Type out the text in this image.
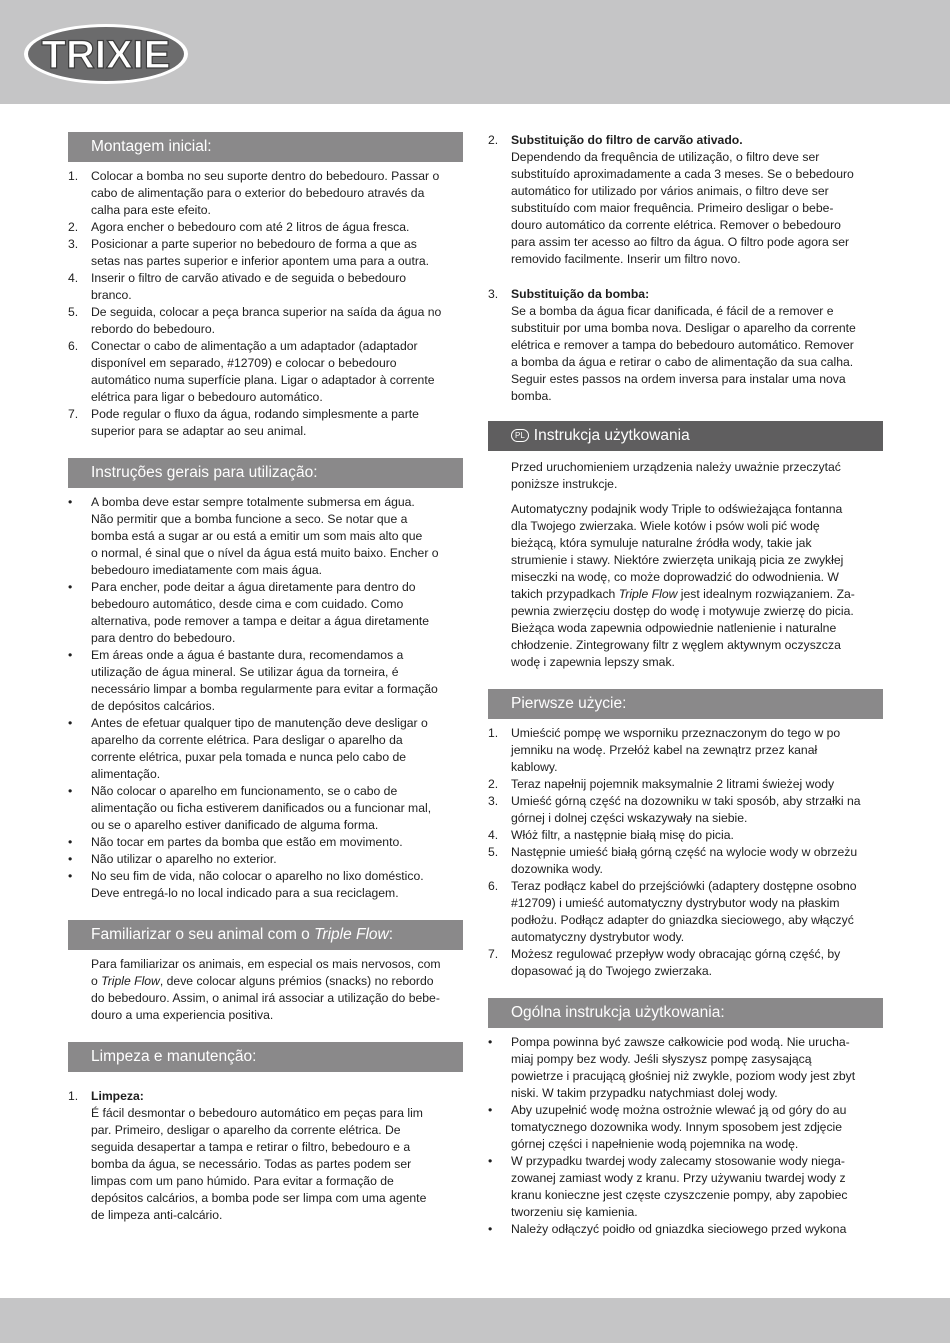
TRIXIE
Montagem inicial:
1. Colocar a bomba no seu suporte dentro do bebedouro. Passar o
cabo de alimentação para o exterior do bebedouro através da
calha para este efeito.
2. Agora encher o bebedouro com até 2 litros de água fresca.
3. Posicionar a parte superior no bebedouro de forma a que as
setas nas partes superior e inferior apontem uma para a outra.
4. Inserir o filtro de carvão ativado e de seguida o bebedouro
branco.
5. De seguida, colocar a peça branca superior na saída da água no
rebordo do bebedouro.
6. Conectar o cabo de alimentação a um adaptador (adaptador
disponível em separado, #12709) e colocar o bebedouro
automático numa superfície plana. Ligar o adaptador à corrente
elétrica para ligar o bebedouro automático.
7. Pode regular o fluxo da água, rodando simplesmente a parte
superior para se adaptar ao seu animal.
Instruções gerais para utilização:
• A bomba deve estar sempre totalmente submersa em água.
Não permitir que a bomba funcione a seco. Se notar que a
bomba está a sugar ar ou está a emitir um som mais alto que
o normal, é sinal que o nível da água está muito baixo. Encher o
bebedouro imediatamente com mais água.
• Para encher, pode deitar a água diretamente para dentro do
bebedouro automático, desde cima e com cuidado. Como
alternativa, pode remover a tampa e deitar a água diretamente
para dentro do bebedouro.
• Em áreas onde a água é bastante dura, recomendamos a
utilização de água mineral. Se utilizar água da torneira, é
necessário limpar a bomba regularmente para evitar a formação
de depósitos calcários.
• Antes de efetuar qualquer tipo de manutenção deve desligar o
aparelho da corrente elétrica. Para desligar o aparelho da
corrente elétrica, puxar pela tomada e nunca pelo cabo de
alimentação.
• Não colocar o aparelho em funcionamento, se o cabo de
alimentação ou ficha estiverem danificados ou a funcionar mal,
ou se o aparelho estiver danificado de alguma forma.
• Não tocar em partes da bomba que estão em movimento.
• Não utilizar o aparelho no exterior.
• No seu fim de vida, não colocar o aparelho no lixo doméstico.
Deve entregá-lo no local indicado para a sua reciclagem.
Familiarizar o seu animal com o Triple Flow:
Para familiarizar os animais, em especial os mais nervosos, com
o Triple Flow, deve colocar alguns prémios (snacks) no rebordo
do bebedouro. Assim, o animal irá associar a utilização do bebe-
douro a uma experiencia positiva.
Limpeza e manutenção:
1. Limpeza:
É fácil desmontar o bebedouro automático em peças para lim
par. Primeiro, desligar o aparelho da corrente elétrica. De
seguida desapertar a tampa e retirar o filtro, bebedouro e a
bomba da água, se necessário. Todas as partes podem ser
limpas com um pano húmido. Para evitar a formação de
depósitos calcários, a bomba pode ser limpa com uma agente
de limpeza anti-calcário.
2. Substituição do filtro de carvão ativado.
Dependendo da frequência de utilização, o filtro deve ser
substituído aproximadamente a cada 3 meses. Se o bebedouro
automático for utilizado por vários animais, o filtro deve ser
substituído com maior frequência. Primeiro desligar o bebe-
douro automático da corrente elétrica. Remover o bebedouro
para assim ter acesso ao filtro da água. O filtro pode agora ser
removido facilmente. Inserir um filtro novo.
3. Substituição da bomba:
Se a bomba da água ficar danificada, é fácil de a remover e
substituir por uma bomba nova. Desligar o aparelho da corrente
elétrica e remover a tampa do bebedouro automático. Remover
a bomba da água e retirar o cabo de alimentação da sua calha.
Seguir estes passos na ordem inversa para instalar uma nova
bomba.
PL Instrukcja użytkowania
Przed uruchomieniem urządzenia należy uważnie przeczytać
poniższe instrukcje.
Automatyczny podajnik wody Triple to odświeżająca fontanna
dla Twojego zwierzaka. Wiele kotów i psów woli pić wodę
bieżącą, która symuluje naturalne źródła wody, takie jak
strumienie i stawy. Niektóre zwierzęta unikają picia ze zwykłej
miseczki na wodę, co może doprowadzić do odwodnienia. W
takich przypadkach Triple Flow jest idealnym rozwiązaniem. Za-
pewnia zwierzęciu dostęp do wodę i motywuje zwierzę do picia.
Bieżąca woda zapewnia odpowiednie natlenienie i naturalne
chłodzenie. Zintegrowany filtr z węglem aktywnym oczyszcza
wodę i zapewnia lepszy smak.
Pierwsze użycie:
1. Umieścić pompę we wsporniku przeznaczonym do tego w po
jemniku na wodę. Przełóż kabel na zewnątrz przez kanał
kablowy.
2. Teraz napełnij pojemnik maksymalnie 2 litrami świeżej wody
3. Umieść górną część na dozowniku w taki sposób, aby strzałki na
górnej i dolnej części wskazywały na siebie.
4. Włóż filtr, a następnie białą misę do picia.
5. Następnie umieść białą górną część na wylocie wody w obrzeżu
dozownika wody.
6. Teraz podłącz kabel do przejściówki (adaptery dostępne osobno
#12709) i umieść automatyczny dystrybutor wody na płaskim
podłożu. Podłącz adapter do gniazdka sieciowego, aby włączyć
automatyczny dystrybutor wody.
7. Możesz regulować przepływ wody obracając górną część, by
dopasować ją do Twojego zwierzaka.
Ogólna instrukcja użytkowania:
• Pompa powinna być zawsze całkowicie pod wodą. Nie urucha-
miaj pompy bez wody. Jeśli słyszysz pompę zasysającą
powietrze i pracującą głośniej niż zwykle, poziom wody jest zbyt
niski. W takim przypadku natychmiast dolej wody.
• Aby uzupełnić wodę można ostrożnie wlewać ją od góry do au
tomatycznego dozownika wody. Innym sposobem jest zdjęcie
górnej części i napełnienie wodą pojemnika na wodę.
• W przypadku twardej wody zalecamy stosowanie wody niega-
zowanej zamiast wody z kranu. Przy używaniu twardej wody z
kranu konieczne jest częste czyszczenie pompy, aby zapobiec
tworzeniu się kamienia.
• Należy odłączyć poidło od gniazdka sieciowego przed wykona
